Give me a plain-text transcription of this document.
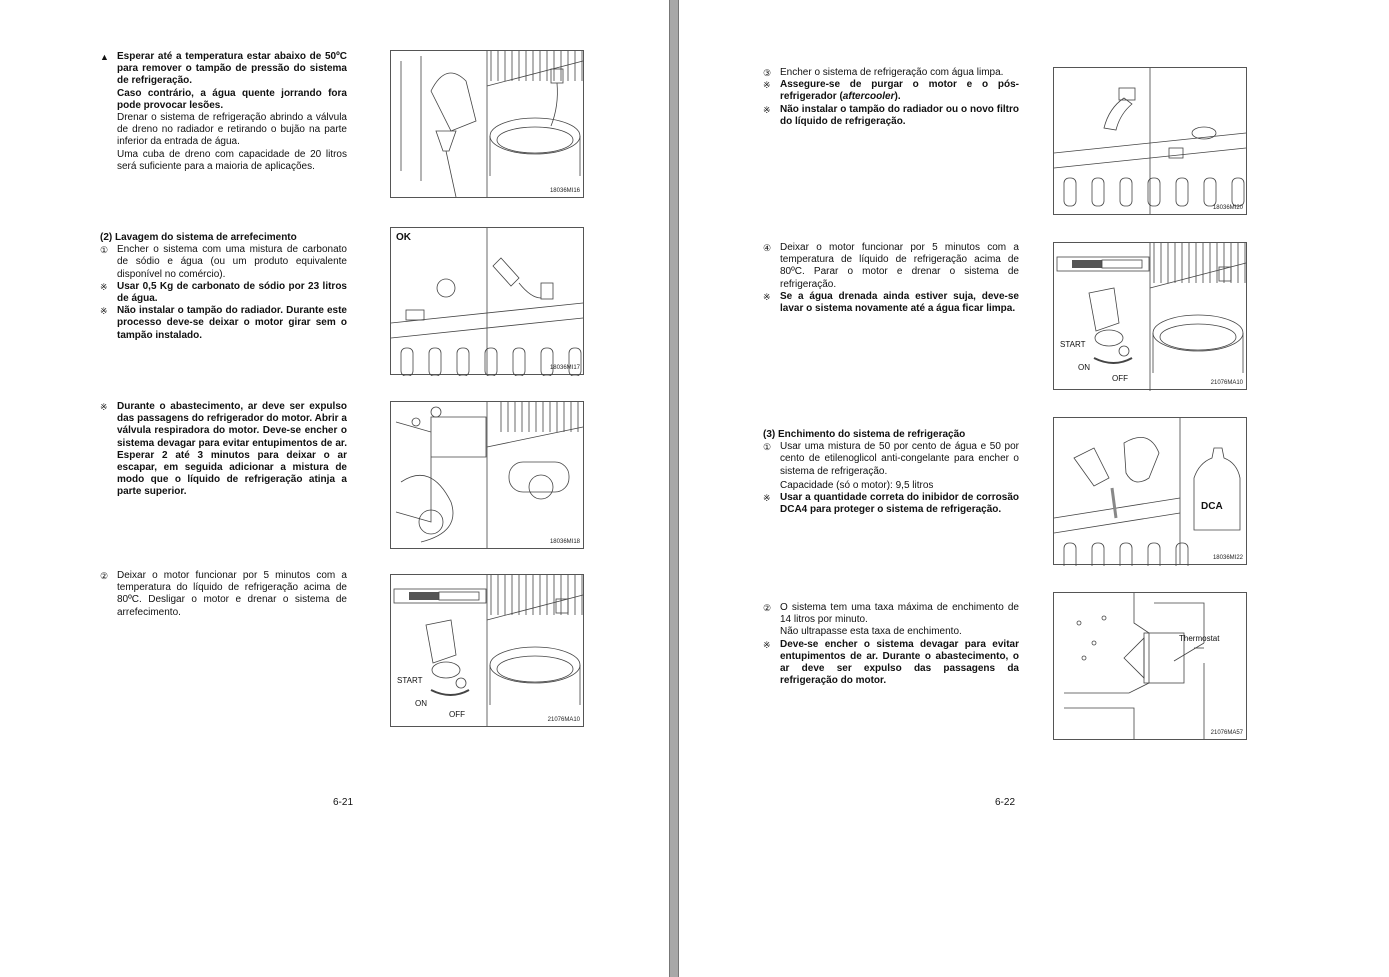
▲ Esperar até a temperatura estar abaixo de 50ºC para remover o tampão de pressão do sistema de refrigeração.
Caso contrário, a água quente jorrando fora pode provocar lesões.
Drenar o sistema de refrigeração abrindo a válvula de dreno no radiador e retirando o bujão na parte inferior da entrada de água.
Uma cuba de dreno com capacidade de 20 litros será suficiente para a maioria de aplicações.
(2) Lavagem do sistema de arrefecimento
① Encher o sistema com uma mistura de carbonato de sódio e água (ou um produto equivalente disponível no comércio).
※ Usar 0,5 Kg de carbonato de sódio por 23 litros de água.
※ Não instalar o tampão do radiador. Durante este processo deve-se deixar o motor girar sem o tampão instalado.
※ Durante o abastecimento, ar deve ser expulso das passagens do refrigerador do motor. Abrir a válvula respiradora do motor. Deve-se encher o sistema devagar para evitar entupimentos de ar. Esperar 2 até 3 minutos para deixar o ar escapar, em seguida adicionar a mistura de modo que o líquido de refrigeração atinja a parte superior.
② Deixar o motor funcionar por 5 minutos com a temperatura do líquido de refrigeração acima de 80ºC. Desligar o motor e drenar o sistema de arrefecimento.
18036MI16
OK
18036MI17
18036MI18
START
ON
OFF
21076MA10
6-21
③ Encher o sistema de refrigeração com água limpa.
※ Assegure-se de purgar o motor e o pós-refrigerador (aftercooler).
※ Não instalar o tampão do radiador ou o novo filtro do líquido de refrigeração.
④ Deixar o motor funcionar por 5 minutos com a temperatura de líquido de refrigeração acima de 80ºC. Parar o motor e drenar o sistema de refrigeração.
※ Se a água drenada ainda estiver suja, deve-se lavar o sistema novamente até a água ficar limpa.
(3) Enchimento do sistema de refrigeração
① Usar uma mistura de 50 por cento de água e 50 por cento de etilenoglicol anti-congelante para encher o sistema de refrigeração.
Capacidade (só o motor): 9,5 litros
※ Usar a quantidade correta do inibidor de corrosão DCA4 para proteger o sistema de refrigeração.
② O sistema tem uma taxa máxima de enchimento de 14 litros por minuto.
Não ultrapasse esta taxa de enchimento.
※ Deve-se encher o sistema devagar para evitar entupimentos de ar. Durante o abastecimento, o ar deve ser expulso das passagens da refrigeração do motor.
18036MI20
START
ON
OFF	21076MA10
DCA
18036MI22
Thermostat
21076MA57
6-22
